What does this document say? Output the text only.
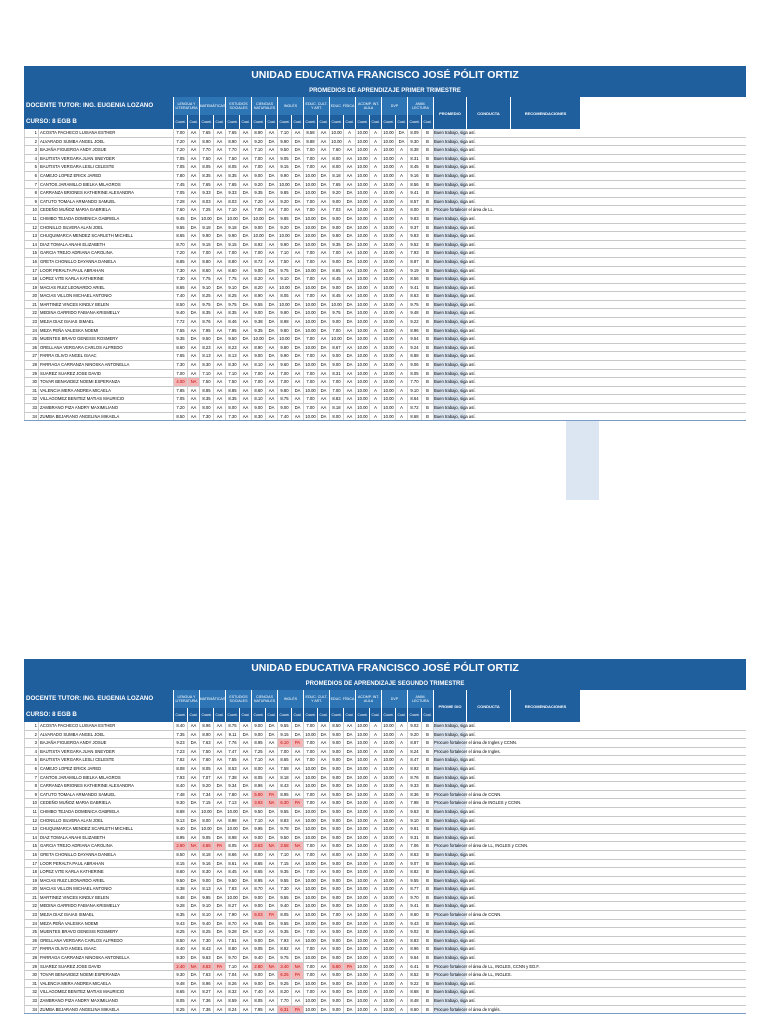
UNIDAD EDUCATIVA FRANCISCO JOSÉ PÓLIT ORTIZ
PROMEDIOS DE APRENDIZAJE PRIMER TRIMESTRE
DOCENTE TUTOR: ING. EUGENIA LOZANO
CURSO: 8 EGB B
LENGUA Y LITERATURA
MATEMÁTICAS
ESTUDIOS SOCIALES
CIENCIAS NATURALES
INGLÉS
EDUC. CULT. Y ART.
EDUC. FÍSICA
ACOMP. INT. AULA
DVP
ANIM. LECTURA
Cuant.	Cual.	Cuant.	Cual.	Cuant.	Cual.	Cuant.	Cual.	Cuant.	Cual.	Cuant.	Cual.	Cuant.	Cual.	Cuant.	Cual.	Cuant.	Cual.	Cuant.	Cual.
PROMEDIO	CONDUCTA	RECOMENDACIONES
1 ACOSTA PACHECO LUISANA ESTHER	7.00	AA	7.65	AA	7.65	AA	8.90	AA	7.10	AA	8.58	AA	10.00	A	10.00	A	10.00	DA	8.09	B	Buen trabajo, siga así.
2 ALVARADO SUMBA ANGEL JOEL	7.20	AA	8.90	AA	8.90	AA	9.20	DA	9.90	DA	8.88	AA	10.00	A	10.00	A	10.00	DA	9.30	B	Buen trabajo, siga así.
3 BAJAÑA FIGUEROA ANDY JOSUE	7.20	AA	7.70	AA	7.70	AA	7.10	AA	9.50	DA	7.00	AA	7.60	AA	10.00	A	10.00	A	8.38	B	Buen trabajo, siga así.
4 BAUTISTA VERGARA JUAN SNEYDER	7.05	AA	7.50	AA	7.50	AA	7.00	AA	9.05	DA	7.00	AA	8.00	AA	10.00	A	10.00	A	8.31	B	Buen trabajo, siga así.
5 BAUTISTA VERGARA LESLI CELESTE	7.05	AA	8.05	AA	8.05	AA	7.00	AA	9.15	DA	7.00	AA	8.00	AA	10.00	A	10.00	A	8.45	B	Buen trabajo, siga así.
6 CAMEJO LOPEZ ERICK JARED	7.80	AA	8.35	AA	8.35	AA	9.00	DA	9.90	DA	10.00	DA	8.18	AA	10.00	A	10.00	A	9.16	B	Buen trabajo, siga así.
7 CANTOS JARAMILLO BIELKA MILAGROS	7.45	AA	7.65	AA	7.65	AA	9.20	DA	10.00	DA	10.00	DA	7.65	AA	10.00	A	10.00	A	8.56	B	Buen trabajo, siga así.
8 CARRANZA BRIONES KATHERINE ALEXANDRA	7.05	AA	9.33	DA	9.33	DA	9.35	DA	9.85	DA	10.00	DA	9.20	DA	10.00	A	10.00	A	9.41	B	Buen trabajo, siga así.
9 CATUTO TOMALA ARMANDO SAMUEL	7.28	AA	8.03	AA	8.03	AA	7.20	AA	9.20	DA	7.00	AA	9.00	DA	10.00	A	10.00	A	8.57	B	Buen trabajo, siga así.
10 CEDEÑO MUÑOZ MARIA GABRIELA	7.60	AA	7.25	AA	7.10	AA	7.00	AA	7.00	AA	7.00	AA	7.03	AA	10.00	A	10.00	A	8.00	B	Procure fortalecer el área de LL.
11 CHIMBO TEJADA DOMENICA GABRIELA	9.45	DA	10.00	DA	10.00	DA	10.00	DA	9.85	DA	10.00	DA	9.00	DA	10.00	A	10.00	A	9.83	B	Buen trabajo, siga así.
12 CHONILLO SILVERA ALAN JOEL	9.55	DA	9.18	DA	9.18	DA	9.00	DA	9.20	DA	10.00	DA	9.00	DA	10.00	A	10.00	A	9.37	B	Buen trabajo, siga así.
13 CHUQUIMARCA MENDEZ SCARLETH MICHELL	8.65	AA	9.90	DA	9.90	DA	10.00	DA	10.00	DA	10.00	DA	9.80	DA	10.00	A	10.00	A	9.83	B	Buen trabajo, siga así.
14 DIAZ TOMALA ANAHI ELIZABETH	8.70	AA	9.15	DA	9.15	DA	8.92	AA	9.90	DA	10.00	DA	9.35	DA	10.00	A	10.00	A	9.52	B	Buen trabajo, siga así.
15 GARCIA TREJO ADRIANA CAROLINA	7.20	AA	7.00	AA	7.00	AA	7.00	AA	7.10	AA	7.00	AA	7.00	AA	10.00	A	10.00	A	7.93	B	Buen trabajo, siga así.
16 GRETA CHONILLO DAYANNA DANIELA	8.85	AA	8.80	AA	8.80	AA	8.72	AA	7.50	AA	7.00	AA	9.00	DA	10.00	A	10.00	A	8.87	B	Buen trabajo, siga así.
17 LOOR PERALTA PAUL ABRAHAN	7.30	AA	8.60	AA	8.60	AA	9.00	DA	9.75	DA	10.00	DA	8.65	AA	10.00	A	10.00	A	9.19	B	Buen trabajo, siga así.
18 LOPEZ VITE KARLA KATHERINE	7.30	AA	7.75	AA	7.75	AA	8.20	AA	9.10	DA	7.00	AA	8.45	AA	10.00	A	10.00	A	8.56	B	Buen trabajo, siga así.
19 MACIAS RUIZ LEONARDO ARIEL	8.65	AA	9.10	DA	9.10	DA	8.20	AA	10.00	DA	10.00	DA	9.00	DA	10.00	A	10.00	A	9.41	B	Buen trabajo, siga así.
20 MACIAS VILLON MICHAEL ANTONIO	7.40	AA	8.25	AA	8.25	AA	8.90	AA	8.05	AA	7.00	AA	8.45	AA	10.00	A	10.00	A	8.63	B	Buen trabajo, siga así.
21 MARTINEZ VINCES KINDLY BELEN	8.50	AA	9.75	DA	9.75	DA	9.55	DA	10.00	DA	10.00	DA	10.00	DA	10.00	A	10.00	A	9.75	B	Buen trabajo, siga así.
22 MEDINA GARRIDO FABIANA KRISMELLY	9.40	DA	8.35	AA	8.35	AA	9.00	DA	9.90	DA	10.00	DA	9.75	DA	10.00	A	10.00	A	9.48	B	Buen trabajo, siga así.
23 MEJIA DIAZ ISAIAS ISMAEL	7.72	AA	8.76	AA	8.46	AA	9.38	DA	8.98	AA	10.00	DA	9.00	DA	10.00	A	10.00	A	9.22	B	Buen trabajo, siga así.
24 MEZA PEÑA VALESKA NOEMI	7.55	AA	7.95	AA	7.95	AA	9.35	DA	9.80	DA	10.00	DA	7.00	AA	10.00	A	10.00	A	8.96	B	Buen trabajo, siga así.
25 MUENTES BRAVO GENESIS ROSMERY	9.35	DA	9.50	DA	9.50	DA	10.00	DA	10.00	DA	7.00	AA	10.00	DA	10.00	A	10.00	A	9.54	B	Buen trabajo, siga así.
26 ORELLANA VERGARA CARLOS ALFREDO	8.60	AA	8.23	AA	8.23	AA	8.90	AA	9.80	DA	10.00	DA	8.67	AA	10.00	A	10.00	A	9.24	B	Buen trabajo, siga así.
27 PARRA OLIVO ANGEL ISAAC	7.65	AA	8.13	AA	8.13	AA	9.00	DA	9.90	DA	7.00	AA	9.00	DA	10.00	A	10.00	A	8.88	B	Buen trabajo, siga así.
28 PARRAGA CARRANZA NINOSKA ANTONELLA	7.30	AA	8.30	AA	8.30	AA	8.10	AA	9.60	DA	10.00	DA	9.00	DA	10.00	A	10.00	A	9.06	B	Buen trabajo, siga así.
29 SUAREZ SUAREZ JOSE DAVID	7.00	AA	7.10	AA	7.10	AA	7.00	AA	7.00	AA	7.00	AA	8.31	AA	10.00	A	10.00	A	8.05	B	Buen trabajo, siga así.
30 TOVAR BENAVIDEZ NOEMI ESPERANZA	4.00	NA	7.50	AA	7.50	AA	7.00	AA	7.00	AA	7.00	AA	7.00	AA	10.00	A	10.00	A	7.70	B	Buen trabajo, siga así.
31 VALENCIA MERA ANDREA MICAELA	7.85	AA	8.85	AA	8.85	AA	8.60	AA	9.80	DA	10.00	DA	7.00	AA	10.00	A	10.00	A	9.10	B	Buen trabajo, siga así.
32 VILLAGOMEZ BENITEZ MATIAS MAURICIO	7.05	AA	8.35	AA	8.35	AA	8.10	AA	8.75	AA	7.00	AA	8.83	AA	10.00	A	10.00	A	8.64	B	Buen trabajo, siga así.
33 ZAMBRANO PIZA ANDRY MAXIMILIANO	7.20	AA	8.00	AA	8.00	AA	9.00	DA	9.00	DA	7.00	AA	8.18	AA	10.00	A	10.00	A	8.72	B	Buen trabajo, siga así.
34 ZUMBA BEJARANO ANGELINA MIKAELA	8.50	AA	7.30	AA	7.30	AA	8.30	AA	7.40	AA	10.00	DA	8.00	AA	10.00	A	10.00	A	8.68	B	Buen trabajo, siga así.
UNIDAD EDUCATIVA FRANCISCO JOSÉ PÓLIT ORTIZ
PROMEDIOS DE APRENDIZAJE SEGUNDO TRIMESTRE
DOCENTE TUTOR: ING. EUGENIA LOZANO
CURSO: 8 EGB B
LENGUA Y LITERATURA
MATEMÁTICAS
ESTUDIOS SOCIALES
CIENCIAS NATURALES
INGLÉS
EDUC. CULT. Y ART.
EDUC. FÍSICA
ACOMP. INT. AULA
DVP
ANIM. LECTURA
Cuant.	Cual.	Cuant.	Cual.	Cuant.	Cual.	Cuant.	Cual.	Cuant.	Cual.	Cuant.	Cual.	Cuant.	Cual.	Cuant.	Cual.	Cuant.	Cual.	Cuant.	Cual.
PROME DIO	CONDUCTA	RECOMENDACIONES
1 ACOSTA PACHECO LUISANA ESTHER	8.40	AA	8.96	AA	8.75	AA	9.00	DA	9.55	DA	7.00	AA	8.50	AA	10.00	A	10.00	A	9.02	B	Buen trabajo, siga así.
2 ALVARADO SUMBA ANGEL JOEL	7.35	AA	8.90	AA	9.11	DA	9.00	DA	9.15	DA	10.00	DA	9.00	DA	10.00	A	10.00	A	9.20	B	Buen trabajo, siga así.
3 BAJAÑA FIGUEROA ANDY JOSUE	9.23	DA	7.63	AA	7.76	AA	8.95	AA	6.10	PA	7.00	AA	9.00	DA	10.00	A	10.00	A	8.87	B	Procure fortalecer el área de Ingles y CCNN.
4 BAUTISTA VERGARA JUAN SNEYDER	7.23	AA	7.50	AA	7.47	AA	7.25	AA	7.00	AA	7.00	AA	9.00	DA	10.00	A	10.00	A	8.24	B	Procure fortalecer el área de Ingles.
5 BAUTISTA VERGARA LESLI CELESTE	7.82	AA	7.60	AA	7.55	AA	7.10	AA	8.65	AA	7.00	AA	9.00	DA	10.00	A	10.00	A	8.47	B	Buen trabajo, siga así.
6 CAMEJO LOPEZ ERICK JARED	8.08	AA	8.05	AA	8.53	AA	8.00	AA	7.58	AA	10.00	DA	9.00	DA	10.00	A	10.00	A	8.92	B	Buen trabajo, siga así.
7 CANTOS JARAMILLO BIELKA MILAGROS	7.93	AA	7.07	AA	7.38	AA	8.05	AA	8.18	AA	10.00	DA	9.00	DA	10.00	A	10.00	A	8.76	B	Buen trabajo, siga así.
8 CARRANZA BRIONES KATHERINE ALEXANDRA	8.40	AA	9.20	DA	9.34	DA	8.96	AA	8.43	AA	10.00	DA	9.00	DA	10.00	A	10.00	A	9.33	B	Buen trabajo, siga así.
9 CATUTO TOMALA ARMANDO SAMUEL	7.48	AA	7.34	AA	7.80	AA	5.90	PA	8.95	AA	7.00	AA	9.00	DA	10.00	A	10.00	A	8.36	B	Procure fortalecer el área de CCNN.
10 CEDEÑO MUÑOZ MARIA GABRIELA	9.30	DA	7.15	AA	7.13	AA	3.93	NA	6.30	PA	7.00	AA	9.00	DA	10.00	A	10.00	A	7.98	B	Procure fortalecer el área de INGLES y CCNN.
11 CHIMBO TEJADA DOMENICA GABRIELA	8.88	AA	10.00	DA	10.00	DA	9.50	DA	9.55	DA	10.00	DA	9.00	DA	10.00	A	10.00	A	9.63	B	Buen trabajo, siga así.
12 CHONILLO SILVERA ALAN JOEL	9.13	DA	8.00	AA	8.98	AA	7.10	AA	8.83	AA	10.00	DA	9.00	DA	10.00	A	10.00	A	9.10	B	Buen trabajo, siga así.
13 CHUQUIMARCA MENDEZ SCARLETH MICHELL	9.40	DA	10.00	DA	10.00	DA	9.95	DA	9.78	DA	10.00	DA	9.00	DA	10.00	A	10.00	A	9.81	B	Buen trabajo, siga así.
14 DIAZ TOMALA ANAHI ELIZABETH	8.95	AA	9.05	DA	8.98	AA	9.00	DA	9.50	DA	10.00	DA	9.00	DA	10.00	A	10.00	A	9.31	B	Buen trabajo, siga así.
15 GARCIA TREJO ADRIANA CAROLINA	2.80	NA	4.65	PA	8.05	AA	3.63	NA	3.58	NA	7.00	AA	9.00	DA	10.00	A	10.00	A	7.06	B	Procure fortalecer el área de LL, INGLES y CCNN.
16 GRETA CHONILLO DAYANNA DANIELA	8.50	AA	8.18	AA	8.66	AA	8.00	AA	7.10	AA	7.00	AA	8.00	AA	10.00	A	10.00	A	8.63	B	Buen trabajo, siga así.
17 LOOR PERALTA PAUL ABRAHAN	8.15	AA	9.16	DA	8.61	AA	8.65	AA	7.15	AA	10.00	DA	9.00	DA	10.00	A	10.00	A	9.07	B	Buen trabajo, siga así.
18 LOPEZ VITE KARLA KATHERINE	8.60	AA	8.30	AA	8.45	AA	8.65	AA	9.35	DA	7.00	AA	9.00	DA	10.00	A	10.00	A	8.82	B	Buen trabajo, siga así.
19 MACIAS RUIZ LEONARDO ARIEL	9.50	DA	9.00	DA	9.50	DA	8.95	AA	9.55	DA	10.00	DA	9.00	DA	10.00	A	10.00	A	9.55	B	Buen trabajo, siga así.
20 MACIAS VILLON MICHAEL ANTONIO	8.38	AA	8.13	AA	7.83	AA	8.70	AA	7.30	AA	10.00	DA	9.00	DA	10.00	A	10.00	A	8.77	B	Buen trabajo, siga así.
21 MARTINEZ VINCES KINDLY BELEN	9.48	DA	9.95	DA	10.00	DA	9.00	DA	9.55	DA	10.00	DA	9.00	DA	10.00	A	10.00	A	9.70	B	Buen trabajo, siga así.
22 MEDINA GARRIDO FABIANA KRISMELLY	9.28	DA	9.10	DA	8.27	AA	9.00	DA	9.40	DA	10.00	DA	9.00	DA	10.00	A	10.00	A	9.41	B	Buen trabajo, siga así.
23 MEJIA DIAZ ISAIAS ISMAEL	8.35	AA	8.10	AA	7.90	AA	6.03	PA	8.05	AA	10.00	DA	7.00	AA	10.00	A	10.00	A	8.60	B	Procure fortalecer el área de CCNN.
24 MEZA PEÑA VALESKA NOEMI	9.43	DA	9.40	DA	8.70	AA	9.65	DA	9.55	DA	10.00	DA	9.00	DA	10.00	A	10.00	A	9.43	B	Buen trabajo, siga así.
25 MUENTES BRAVO GENESIS ROSMERY	8.25	AA	8.25	DA	9.28	DA	8.10	AA	9.35	DA	7.00	AA	9.00	DA	10.00	A	10.00	A	9.02	B	Buen trabajo, siga así.
26 ORELLANA VERGARA CARLOS ALFREDO	8.50	AA	7.30	AA	7.51	AA	9.00	DA	7.93	AA	10.00	DA	9.00	DA	10.00	A	10.00	A	8.83	B	Buen trabajo, siga así.
27 PARRA OLIVO ANGEL ISAAC	8.40	AA	8.43	AA	8.80	AA	9.05	DA	8.92	AA	7.00	AA	9.00	DA	10.00	A	10.00	A	8.96	B	Buen trabajo, siga así.
28 PARRAGA CARRANZA NINOSKA ANTONELLA	9.30	DA	9.63	DA	9.70	DA	9.40	DA	9.75	DA	10.00	DA	9.00	DA	10.00	A	10.00	A	9.64	B	Buen trabajo, siga así.
29 SUAREZ SUAREZ JOSE DAVID	2.40	NA	4.63	PA	7.10	AA	2.80	NA	3.40	NA	7.00	AA	5.80	PA	10.00	A	10.00	A	6.41	B	Procure fortalecer el área de LL, INGLES, CCNN y ED.F.
30 TOVAR BENAVIDEZ NOEMI ESPERANZA	9.30	DA	7.63	AA	7.04	AA	9.00	DA	6.25	PA	7.00	AA	9.00	DA	10.00	A	10.00	A	8.52	B	Procure fortalecer el área de LL, INGLES.
31 VALENCIA MERA ANDREA MICAELA	9.48	DA	8.96	AA	8.26	AA	9.00	DA	9.25	DA	10.00	DA	9.00	DA	10.00	A	10.00	A	9.22	B	Buen trabajo, siga así.
32 VILLAGOMEZ BENITEZ MATIAS MAURICIO	8.65	AA	8.27	AA	8.32	AA	7.40	AA	8.20	AA	7.00	AA	9.00	DA	10.00	A	10.00	A	8.68	B	Buen trabajo, siga así.
33 ZAMBRANO PIZA ANDRY MAXIMILIANO	8.05	AA	7.36	AA	8.59	AA	8.05	AA	7.70	AA	10.00	DA	9.00	DA	10.00	A	10.00	A	8.48	B	Buen trabajo, siga así.
34 ZUMBA BEJARANO ANGELINA MIKAELA	8.25	AA	7.36	AA	8.24	AA	7.95	AA	6.31	PA	10.00	DA	9.00	DA	10.00	A	10.00	A	8.60	B	Procure fortalecer el área de Inglés.
